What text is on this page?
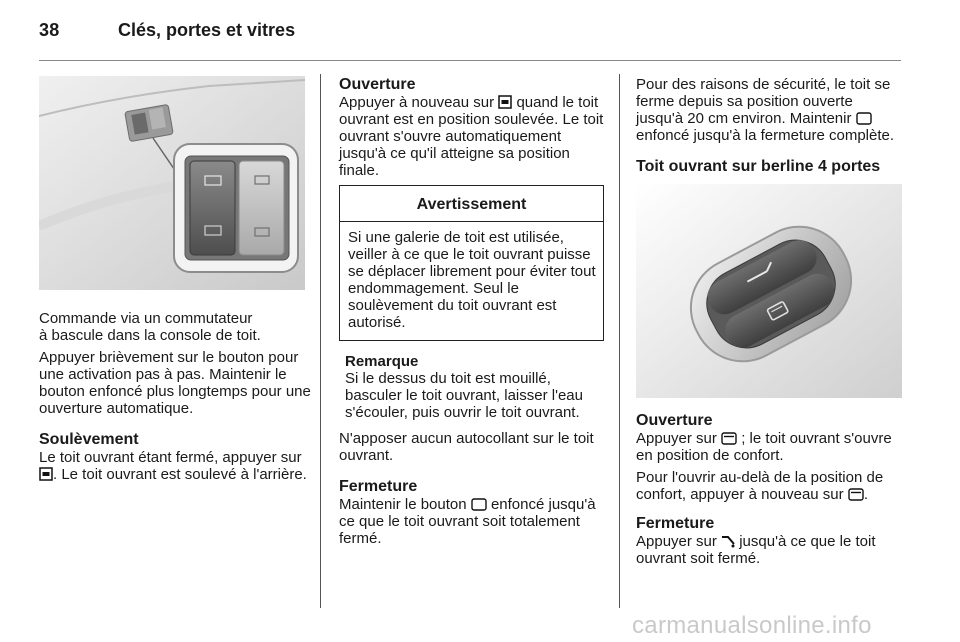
38	Clés, portes et vitres

Commande via un commutateur

à bascule dans la console de toit.

Appuyer brièvement sur le bouton pour une activation pas à pas. Maintenir le bouton enfoncé plus longtemps pour une ouverture automatique.

Soulèvement

Le toit ouvrant étant fermé, appuyer sur . Le toit ouvrant est soulevé à l'arrière.

Ouverture

Appuyer à nouveau sur quand le toit ouvrant est en position soulevée. Le toit ouvrant s'ouvre automatiquement jusqu'à ce qu'il atteigne sa position finale.

Avertissement
Si une galerie de toit est utilisée, veiller à ce que le toit ouvrant puisse se déplacer librement pour éviter tout endommagement. Seul le soulèvement du toit ouvrant est autorisé.

Remarque

Si le dessus du toit est mouillé, basculer le toit ouvrant, laisser l'eau s'écouler, puis ouvrir le toit ouvrant.

N'apposer aucun autocollant sur le toit ouvrant.

Fermeture

Maintenir le bouton enfoncé jusqu'à ce que le toit ouvrant soit totalement fermé.

Pour des raisons de sécurité, le toit se ferme depuis sa position ouverte jusqu'à 20 cm environ. Maintenir  enfoncé jusqu'à la fermeture complète.

Toit ouvrant sur berline 4 portes

Ouverture

Appuyer sur ; le toit ouvrant s'ouvre en position de confort.

Pour l'ouvrir au-delà de la position de confort, appuyer à nouveau sur .

Fermeture

Appuyer sur jusqu'à ce que le toit ouvrant soit fermé.

carmanualsonline.info
